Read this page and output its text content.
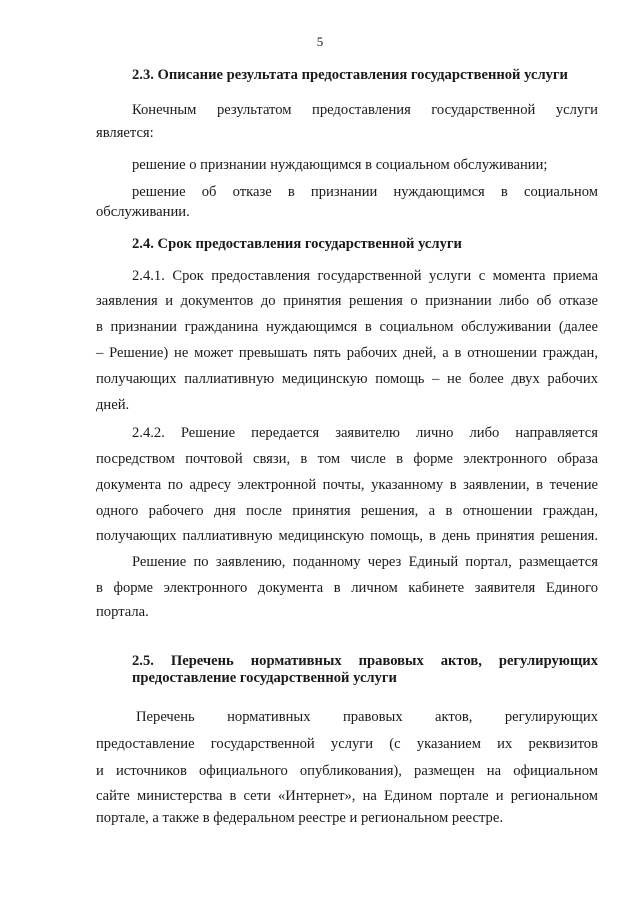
5
2.3. Описание результата предоставления государственной услуги
Конечным результатом предоставления государственной услуги
является:
решение о признании нуждающимся в социальном обслуживании;
решение об отказе в признании нуждающимся в социальном
обслуживании.
2.4. Срок предоставления государственной услуги
2.4.1. Срок предоставления государственной услуги с момента приема
заявления и документов до принятия решения о признании либо об отказе
в признании гражданина нуждающимся в социальном обслуживании (далее
– Решение) не может превышать пять рабочих дней, а в отношении граждан,
получающих паллиативную медицинскую помощь – не более двух рабочих
дней.
2.4.2. Решение передается заявителю лично либо направляется
посредством почтовой связи, в том числе в форме электронного образа
документа по адресу электронной почты, указанному в заявлении, в течение
одного рабочего дня после принятия решения, а в отношении граждан,
получающих паллиативную медицинскую помощь, в день принятия решения.
Решение по заявлению, поданному через Единый портал, размещается
в форме электронного документа в личном кабинете заявителя Единого
портала.
2.5. Перечень нормативных правовых актов, регулирующих
предоставление государственной услуги
Перечень нормативных правовых актов, регулирующих
предоставление государственной услуги (с указанием их реквизитов
и источников официального опубликования), размещен на официальном
сайте министерства в сети «Интернет», на Едином портале и региональном
портале, а также в федеральном реестре и региональном реестре.
